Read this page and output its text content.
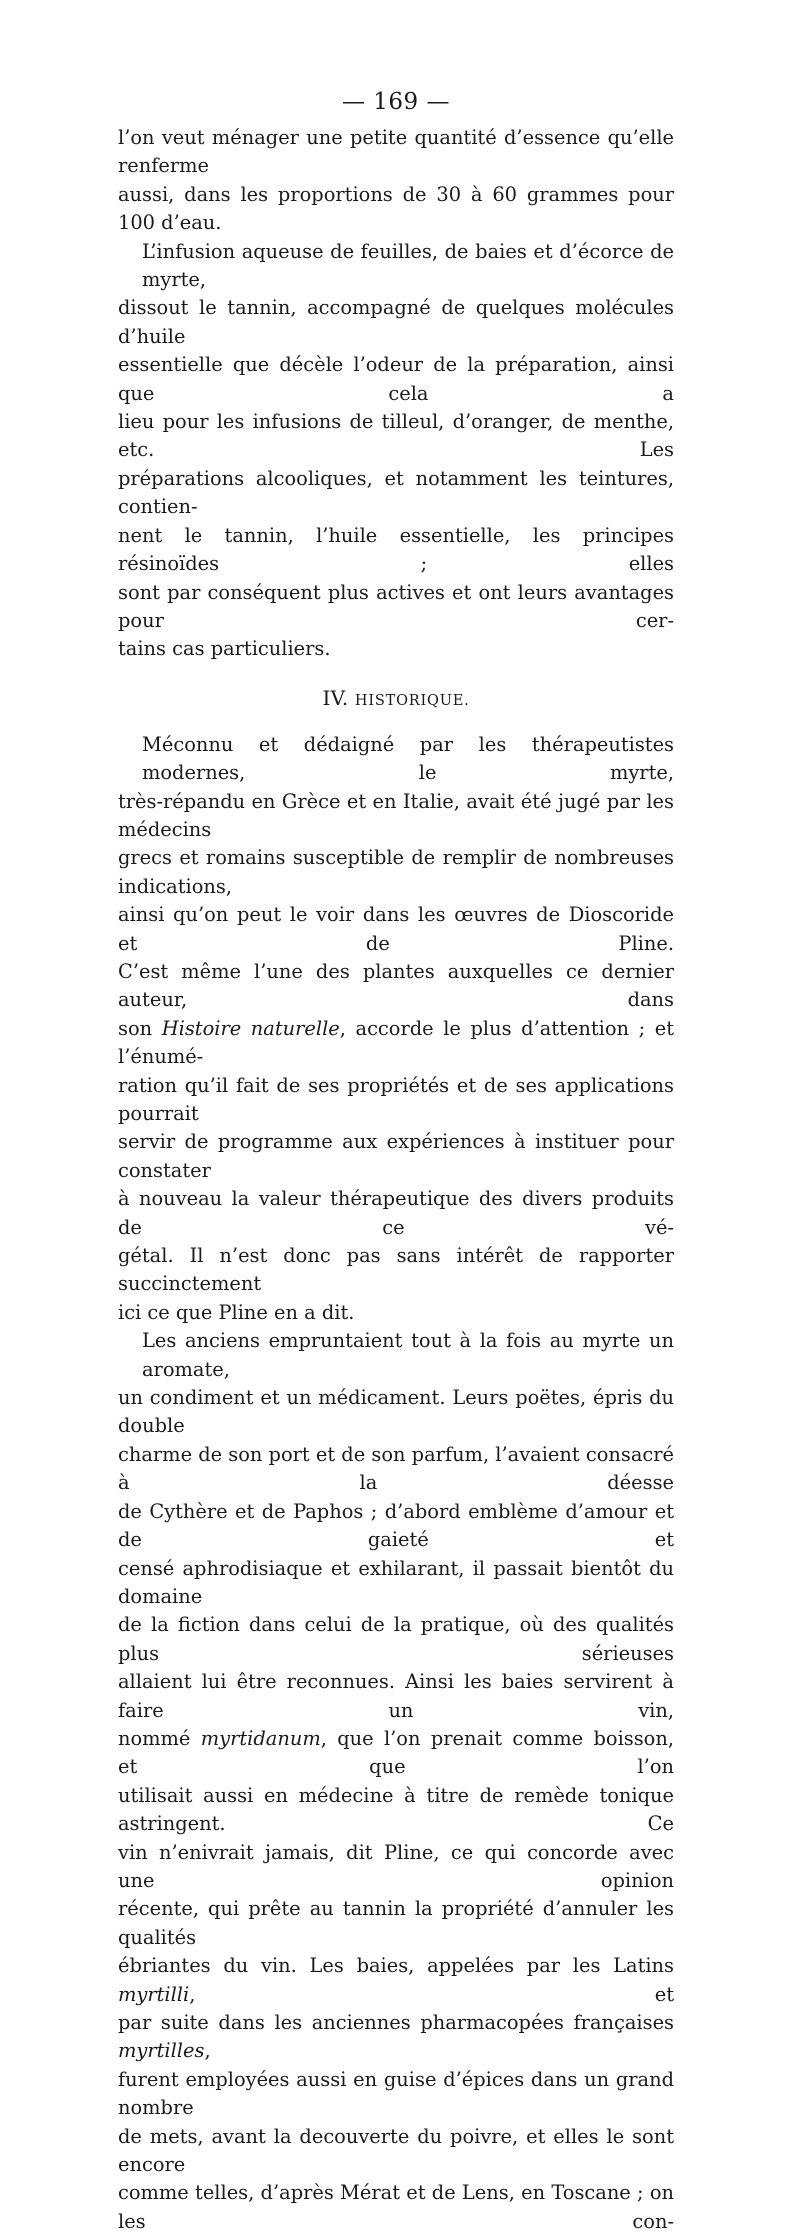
— 169 —

l’on veut ménager une petite quantité d’essence qu’elle renferme
aussi, dans les proportions de 30 à 60 grammes pour 100 d’eau.

L’infusion aqueuse de feuilles, de baies et d’écorce de myrte,
dissout le tannin, accompagné de quelques molécules d’huile
essentielle que décèle l’odeur de la préparation, ainsi que cela a
lieu pour les infusions de tilleul, d’oranger, de menthe, etc. Les
préparations alcooliques, et notamment les teintures, contien-
nent le tannin, l’huile essentielle, les principes résinoïdes ; elles
sont par conséquent plus actives et ont leurs avantages pour cer-
tains cas particuliers.

IV. HISTORIQUE.

Méconnu et dédaigné par les thérapeutistes modernes, le myrte,
très-répandu en Grèce et en Italie, avait été jugé par les médecins
grecs et romains susceptible de remplir de nombreuses indications,
ainsi qu’on peut le voir dans les œuvres de Dioscoride et de Pline.
C’est même l’une des plantes auxquelles ce dernier auteur, dans
son Histoire naturelle, accorde le plus d’attention ; et l’énumé-
ration qu’il fait de ses propriétés et de ses applications pourrait
servir de programme aux expériences à instituer pour constater
à nouveau la valeur thérapeutique des divers produits de ce vé-
gétal. Il n’est donc pas sans intérêt de rapporter succinctement
ici ce que Pline en a dit.

Les anciens empruntaient tout à la fois au myrte un aromate,
un condiment et un médicament. Leurs poëtes, épris du double
charme de son port et de son parfum, l’avaient consacré à la déesse
de Cythère et de Paphos ; d’abord emblème d’amour et de gaieté et
censé aphrodisiaque et exhilarant, il passait bientôt du domaine
de la fiction dans celui de la pratique, où des qualités plus sérieuses
allaient lui être reconnues. Ainsi les baies servirent à faire un vin,
nommé myrtidanum, que l’on prenait comme boisson, et que l’on
utilisait aussi en médecine à titre de remède tonique astringent. Ce
vin n’enivrait jamais, dit Pline, ce qui concorde avec une opinion
récente, qui prête au tannin la propriété d’annuler les qualités
ébriantes du vin. Les baies, appelées par les Latins myrtilli, et
par suite dans les anciennes pharmacopées françaises myrtilles,
furent employées aussi en guise d’épices dans un grand nombre
de mets, avant la decouverte du poivre, et elles le sont encore
comme telles, d’après Mérat et de Lens, en Toscane ; on les con-
